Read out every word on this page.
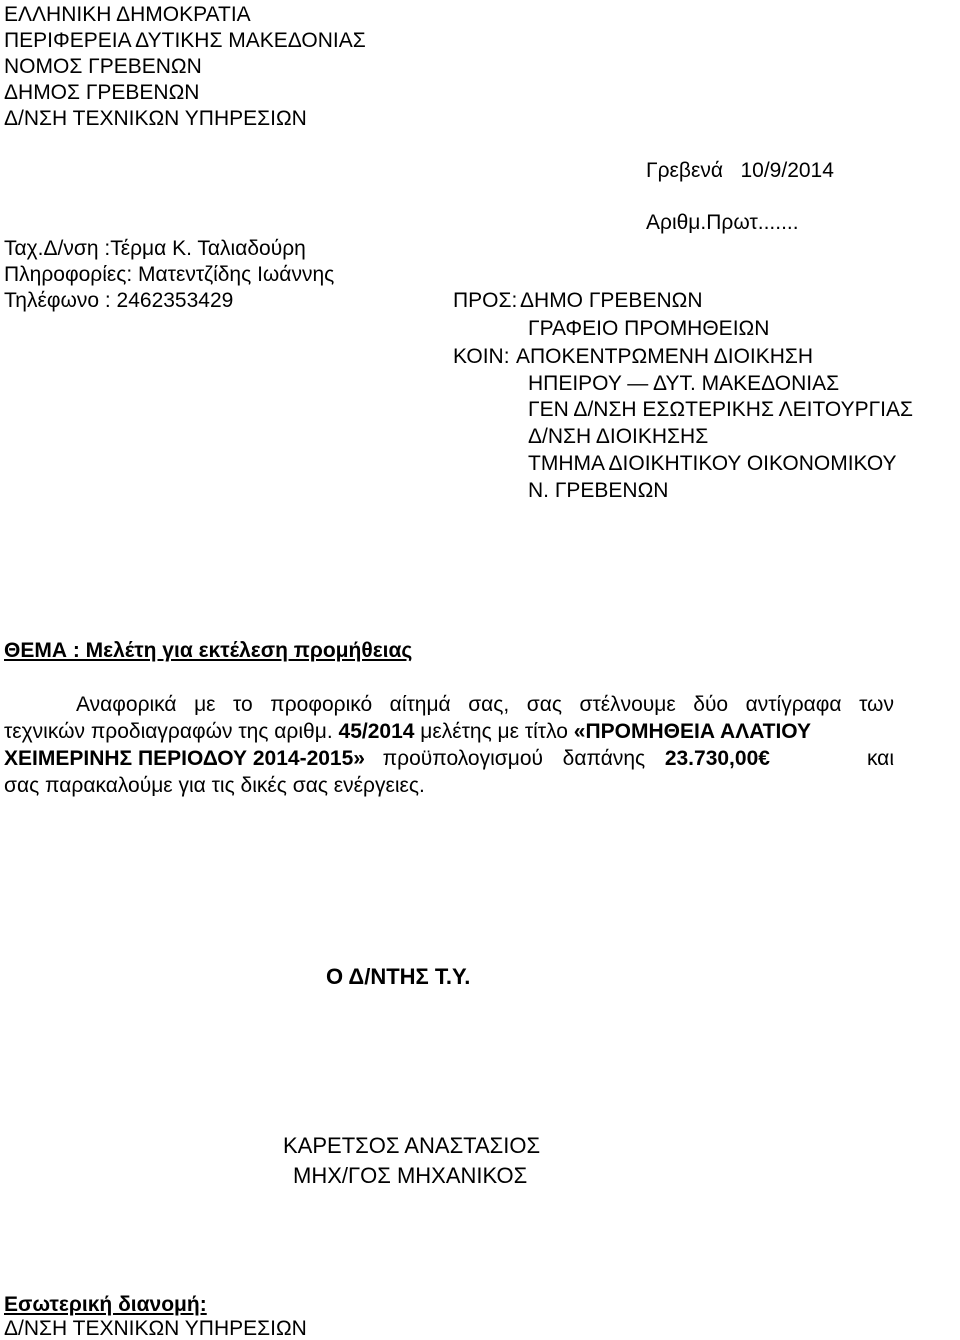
ΕΛΛΗΝΙΚΗ ΔΗΜΟΚΡΑΤΙΑ
ΠΕΡΙΦΕΡΕΙΑ ΔΥΤΙΚΗΣ ΜΑΚΕΔΟΝΙΑΣ
ΝΟΜΟΣ ΓΡΕΒΕΝΩΝ
ΔΗΜΟΣ ΓΡΕΒΕΝΩΝ
Δ/ΝΣΗ ΤΕΧΝΙΚΩΝ ΥΠΗΡΕΣΙΩΝ
Γρεβενά 10/9/2014
Αριθμ.Πρωτ.......
Ταχ.Δ/νση :Τέρμα Κ. Ταλιαδούρη
Πληροφορίες: Ματεντζίδης Ιωάννης
Τηλέφωνο : 2462353429	ΠΡΟΣ: ΔΗΜΟ ΓΡΕΒΕΝΩΝ
ΓΡΑΦΕΙΟ ΠΡΟΜΗΘΕΙΩΝ
ΚΟΙΝ: ΑΠΟΚΕΝΤΡΩΜΕΝΗ ΔΙΟΙΚΗΣΗ
ΗΠΕΙΡΟΥ — ΔΥΤ. ΜΑΚΕΔΟΝΙΑΣ
ΓΕΝ Δ/ΝΣΗ ΕΣΩΤΕΡΙΚΗΣ ΛΕΙΤΟΥΡΓΙΑΣ
Δ/ΝΣΗ ΔΙΟΙΚΗΣΗΣ
ΤΜΗΜΑ ΔΙΟΙΚΗΤΙΚΟΥ ΟΙΚΟΝΟΜΙΚΟΥ
Ν. ΓΡΕΒΕΝΩΝ
ΘΕΜΑ : Μελέτη για εκτέλεση προμήθειας
Αναφορικά με το προφορικό αίτημά σας, σας στέλνουμε δύο αντίγραφα των
τεχνικών προδιαγραφών της αριθμ. 45/2014 μελέτης με τίτλο «ΠΡΟΜΗΘΕΙΑ ΑΛΑΤΙΟΥ
ΧΕΙΜΕΡΙΝΗΣ ΠΕΡΙΟΔΟΥ 2014-2015» προϋπολογισμού δαπάνης 23.730,00€	και
σας παρακαλούμε για τις δικές σας ενέργειες.
Ο Δ/ΝΤΗΣ Τ.Υ.
ΚΑΡΕΤΣΟΣ ΑΝΑΣΤΑΣΙΟΣ
ΜΗΧ/ΓΟΣ ΜΗΧΑΝΙΚΟΣ
Εσωτερική διανομή:
Δ/ΝΣΗ ΤΕΧΝΙΚΩΝ ΥΠΗΡΕΣΙΩΝ
